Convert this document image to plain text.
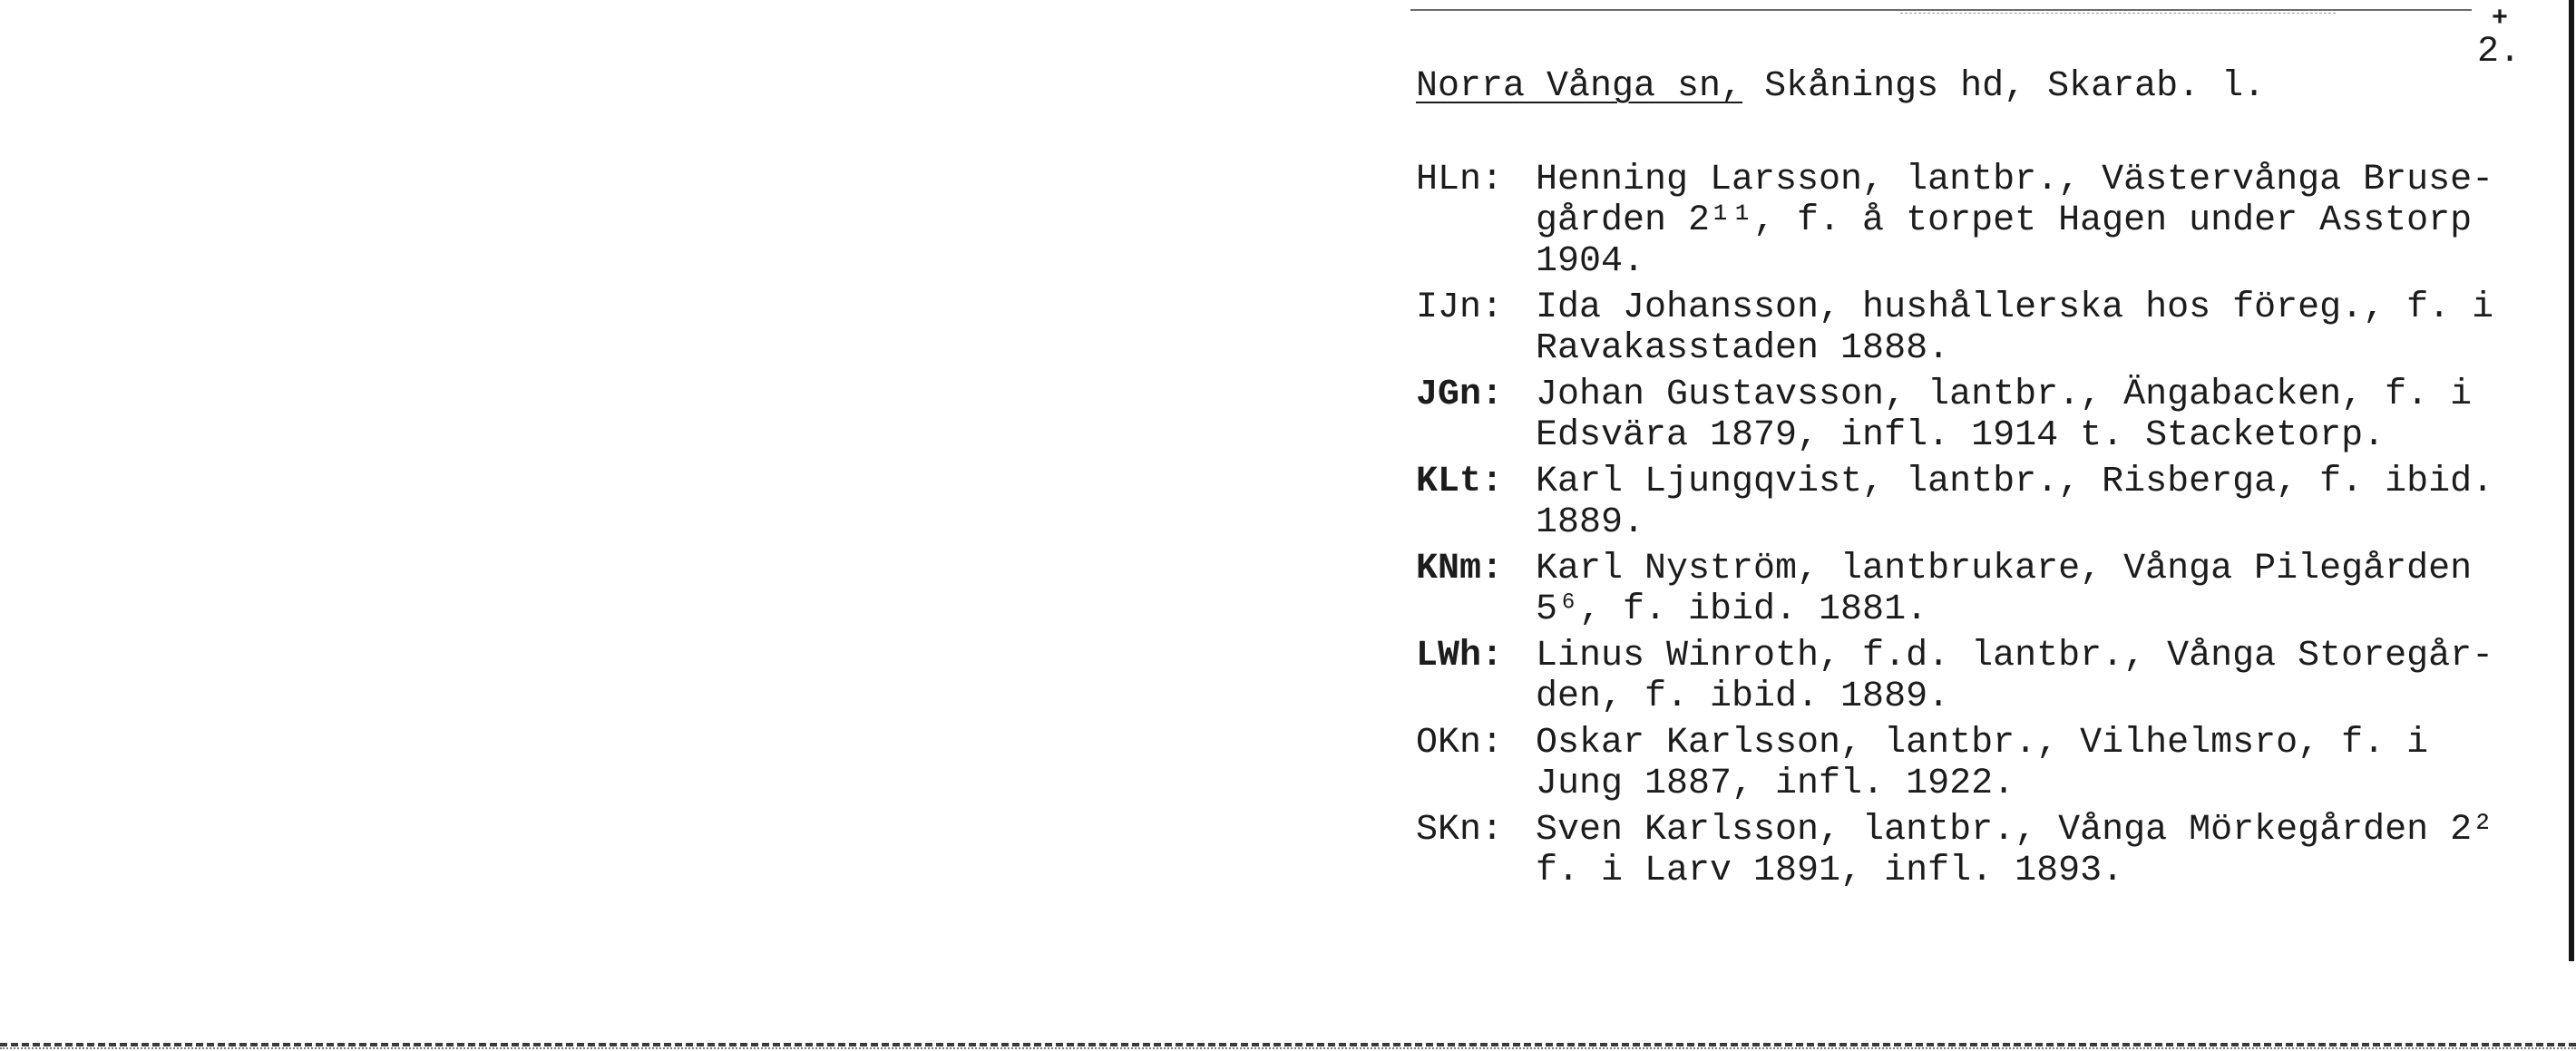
+
2.
Norra Vånga sn, Skånings hd, Skarab. l.
HLn: Henning Larsson, lantbr., Västervånga Bruse-
gården 2¹¹, f. å torpet Hagen under Asstorp
1904.
IJn: Ida Johansson, hushållerska hos föreg., f. i
Ravakasstaden 1888.
JGn: Johan Gustavsson, lantbr., Ängabacken, f. i
Edsvära 1879, infl. 1914 t. Stacketorp.
KLt: Karl Ljungqvist, lantbr., Risberga, f. ibid.
1889.
KNm: Karl Nyström, lantbrukare, Vånga Pilegården
5⁶, f. ibid. 1881.
LWh: Linus Winroth, f.d. lantbr., Vånga Storegår-
den, f. ibid. 1889.
OKn: Oskar Karlsson, lantbr., Vilhelmsro, f. i
Jung 1887, infl. 1922.
SKn: Sven Karlsson, lantbr., Vånga Mörkegården 2²
f. i Larv 1891, infl. 1893.
